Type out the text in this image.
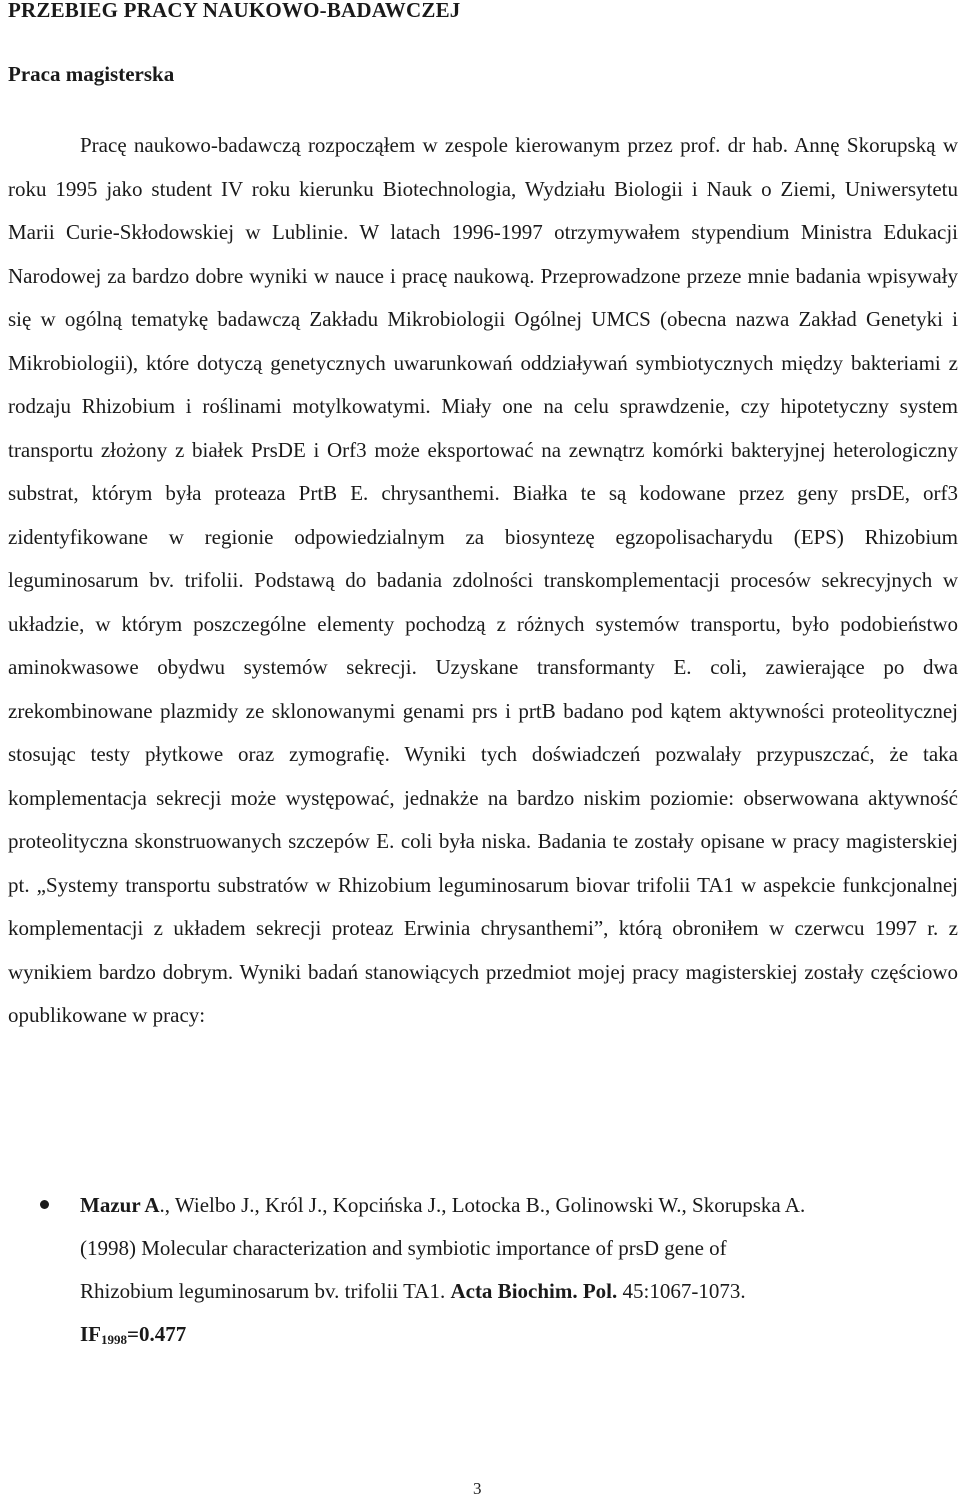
PRZEBIEG PRACY NAUKOWO-BADAWCZEJ
Praca magisterska

Pracę naukowo-badawczą rozpocząłem w zespole kierowanym przez prof. dr hab. Annę Skorupską w roku 1995 jako student IV roku kierunku Biotechnologia, Wydziału Biologii i Nauk o Ziemi, Uniwersytetu Marii Curie-Skłodowskiej w Lublinie. W latach 1996-1997 otrzymywałem stypendium Ministra Edukacji Narodowej za bardzo dobre wyniki w nauce i pracę naukową. Przeprowadzone przeze mnie badania wpisywały się w ogólną tematykę badawczą Zakładu Mikrobiologii Ogólnej UMCS (obecna nazwa Zakład Genetyki i Mikrobiologii), które dotyczą genetycznych uwarunkowań oddziaływań symbiotycznych między bakteriami z rodzaju Rhizobium i roślinami motylkowatymi. Miały one na celu sprawdzenie, czy hipotetyczny system transportu złożony z białek PrsDE i Orf3 może eksportować na zewnątrz komórki bakteryjnej heterologiczny substrat, którym była proteaza PrtB E. chrysanthemi. Białka te są kodowane przez geny prsDE, orf3 zidentyfikowane w regionie odpowiedzialnym za biosyntezę egzopolisacharydu (EPS) Rhizobium leguminosarum bv. trifolii. Podstawą do badania zdolności transkomplementacji procesów sekrecyjnych w układzie, w którym poszczególne elementy pochodzą z różnych systemów transportu, było podobieństwo aminokwasowe obydwu systemów sekrecji. Uzyskane transformanty E. coli, zawierające po dwa zrekombinowane plazmidy ze sklonowanymi genami prs i prtB badano pod kątem aktywności proteolitycznej stosując testy płytkowe oraz zymografię. Wyniki tych doświadczeń pozwalały przypuszczać, że taka komplementacja sekrecji może występować, jednakże na bardzo niskim poziomie: obserwowana aktywność proteolityczna skonstruowanych szczepów E. coli była niska. Badania te zostały opisane w pracy magisterskiej pt. „Systemy transportu substratów w Rhizobium leguminosarum biovar trifolii TA1 w aspekcie funkcjonalnej komplementacji z układem sekrecji proteaz Erwinia chrysanthemi”, którą obroniłem w czerwcu 1997 r. z wynikiem bardzo dobrym. Wyniki badań stanowiących przedmiot mojej pracy magisterskiej zostały częściowo opublikowane w pracy:

Mazur A., Wielbo J., Król J., Kopcińska J., Lotocka B., Golinowski W., Skorupska A.
(1998) Molecular characterization and symbiotic importance of prsD gene of
Rhizobium leguminosarum bv. trifolii TA1. Acta Biochim. Pol. 45:1067-1073.
$IF_{1998}=0.477$
3
